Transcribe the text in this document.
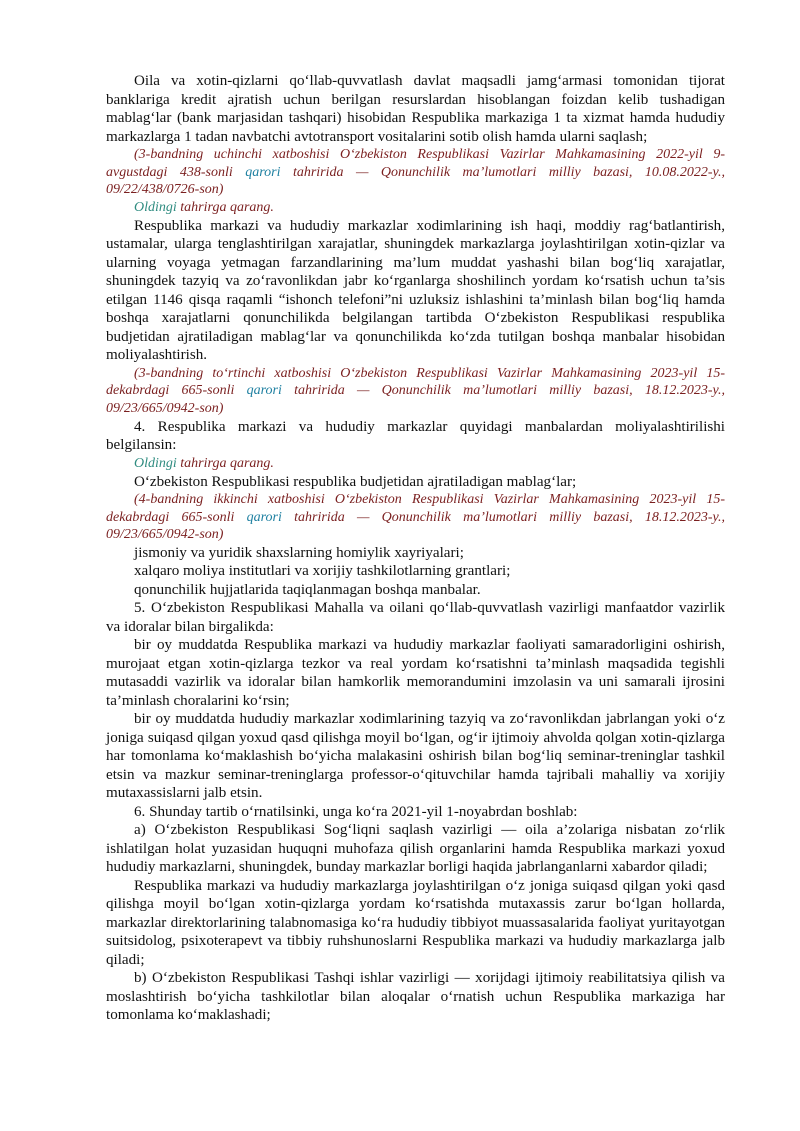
Oila va xotin-qizlarni qo‘llab-quvvatlash davlat maqsadli jamg‘armasi tomonidan tijorat banklariga kredit ajratish uchun berilgan resurslardan hisoblangan foizdan kelib tushadigan mablag‘lar (bank marjasidan tashqari) hisobidan Respublika markaziga 1 ta xizmat hamda hududiy markazlarga 1 tadan navbatchi avtotransport vositalarini sotib olish hamda ularni saqlash;

(3-bandning uchinchi xatboshisi O‘zbekiston Respublikasi Vazirlar Mahkamasining 2022-yil 9-avgustdagi 438-sonli qarori tahririda — Qonunchilik ma’lumotlari milliy bazasi, 10.08.2022-y., 09/22/438/0726-son)

Oldingi tahrirga qarang.

Respublika markazi va hududiy markazlar xodimlarining ish haqi, moddiy rag‘batlantirish, ustamalar, ularga tenglashtirilgan xarajatlar, shuningdek markazlarga joylashtirilgan xotin-qizlar va ularning voyaga yetmagan farzandlarining ma’lum muddat yashashi bilan bog‘liq xarajatlar, shuningdek tazyiq va zo‘ravonlikdan jabr ko‘rganlarga shoshilinch yordam ko‘rsatish uchun ta’sis etilgan 1146 qisqa raqamli “ishonch telefoni”ni uzluksiz ishlashini ta’minlash bilan bog‘liq hamda boshqa xarajatlarni qonunchilikda belgilangan tartibda O‘zbekiston Respublikasi respublika budjetidan ajratiladigan mablag‘lar va qonunchilikda ko‘zda tutilgan boshqa manbalar hisobidan moliyalashtirish.

(3-bandning to‘rtinchi xatboshisi O‘zbekiston Respublikasi Vazirlar Mahkamasining 2023-yil 15-dekabrdagi 665-sonli qarori tahririda — Qonunchilik ma’lumotlari milliy bazasi, 18.12.2023-y., 09/23/665/0942-son)

4. Respublika markazi va hududiy markazlar quyidagi manbalardan moliyalashtirilishi belgilansin:

Oldingi tahrirga qarang.

O‘zbekiston Respublikasi respublika budjetidan ajratiladigan mablag‘lar;

(4-bandning ikkinchi xatboshisi O‘zbekiston Respublikasi Vazirlar Mahkamasining 2023-yil 15-dekabrdagi 665-sonli qarori tahririda — Qonunchilik ma’lumotlari milliy bazasi, 18.12.2023-y., 09/23/665/0942-son)

jismoniy va yuridik shaxslarning homiylik xayriyalari;

xalqaro moliya institutlari va xorijiy tashkilotlarning grantlari;

qonunchilik hujjatlarida taqiqlanmagan boshqa manbalar.

5. O‘zbekiston Respublikasi Mahalla va oilani qo‘llab-quvvatlash vazirligi manfaatdor vazirlik va idoralar bilan birgalikda:

bir oy muddatda Respublika markazi va hududiy markazlar faoliyati samaradorligini oshirish, murojaat etgan xotin-qizlarga tezkor va real yordam ko‘rsatishni ta’minlash maqsadida tegishli mutasaddi vazirlik va idoralar bilan hamkorlik memorandumini imzolasin va uni samarali ijrosini ta’minlash choralarini ko‘rsin;

bir oy muddatda hududiy markazlar xodimlarining tazyiq va zo‘ravonlikdan jabrlangan yoki o‘z joniga suiqasd qilgan yoxud qasd qilishga moyil bo‘lgan, og‘ir ijtimoiy ahvolda qolgan xotin-qizlarga har tomonlama ko‘maklashish bo‘yicha malakasini oshirish bilan bog‘liq seminar-treninglar tashkil etsin va mazkur seminar-treninglarga professor-o‘qituvchilar hamda tajribali mahalliy va xorijiy mutaxassislarni jalb etsin.

6. Shunday tartib o‘rnatilsinki, unga ko‘ra 2021-yil 1-noyabrdan boshlab:

a) O‘zbekiston Respublikasi Sog‘liqni saqlash vazirligi — oila a’zolariga nisbatan zo‘rlik ishlatilgan holat yuzasidan huquqni muhofaza qilish organlarini hamda Respublika markazi yoxud hududiy markazlarni, shuningdek, bunday markazlar borligi haqida jabrlanganlarni xabardor qiladi;

Respublika markazi va hududiy markazlarga joylashtirilgan o‘z joniga suiqasd qilgan yoki qasd qilishga moyil bo‘lgan xotin-qizlarga yordam ko‘rsatishda mutaxassis zarur bo‘lgan hollarda, markazlar direktorlarining talabnomasiga ko‘ra hududiy tibbiyot muassasalarida faoliyat yuritayotgan suitsidolog, psixoterapevt va tibbiy ruhshunoslarni Respublika markazi va hududiy markazlarga jalb qiladi;

b) O‘zbekiston Respublikasi Tashqi ishlar vazirligi — xorijdagi ijtimoiy reabilitatsiya qilish va moslashtirish bo‘yicha tashkilotlar bilan aloqalar o‘rnatish uchun Respublika markaziga har tomonlama ko‘maklashadi;
